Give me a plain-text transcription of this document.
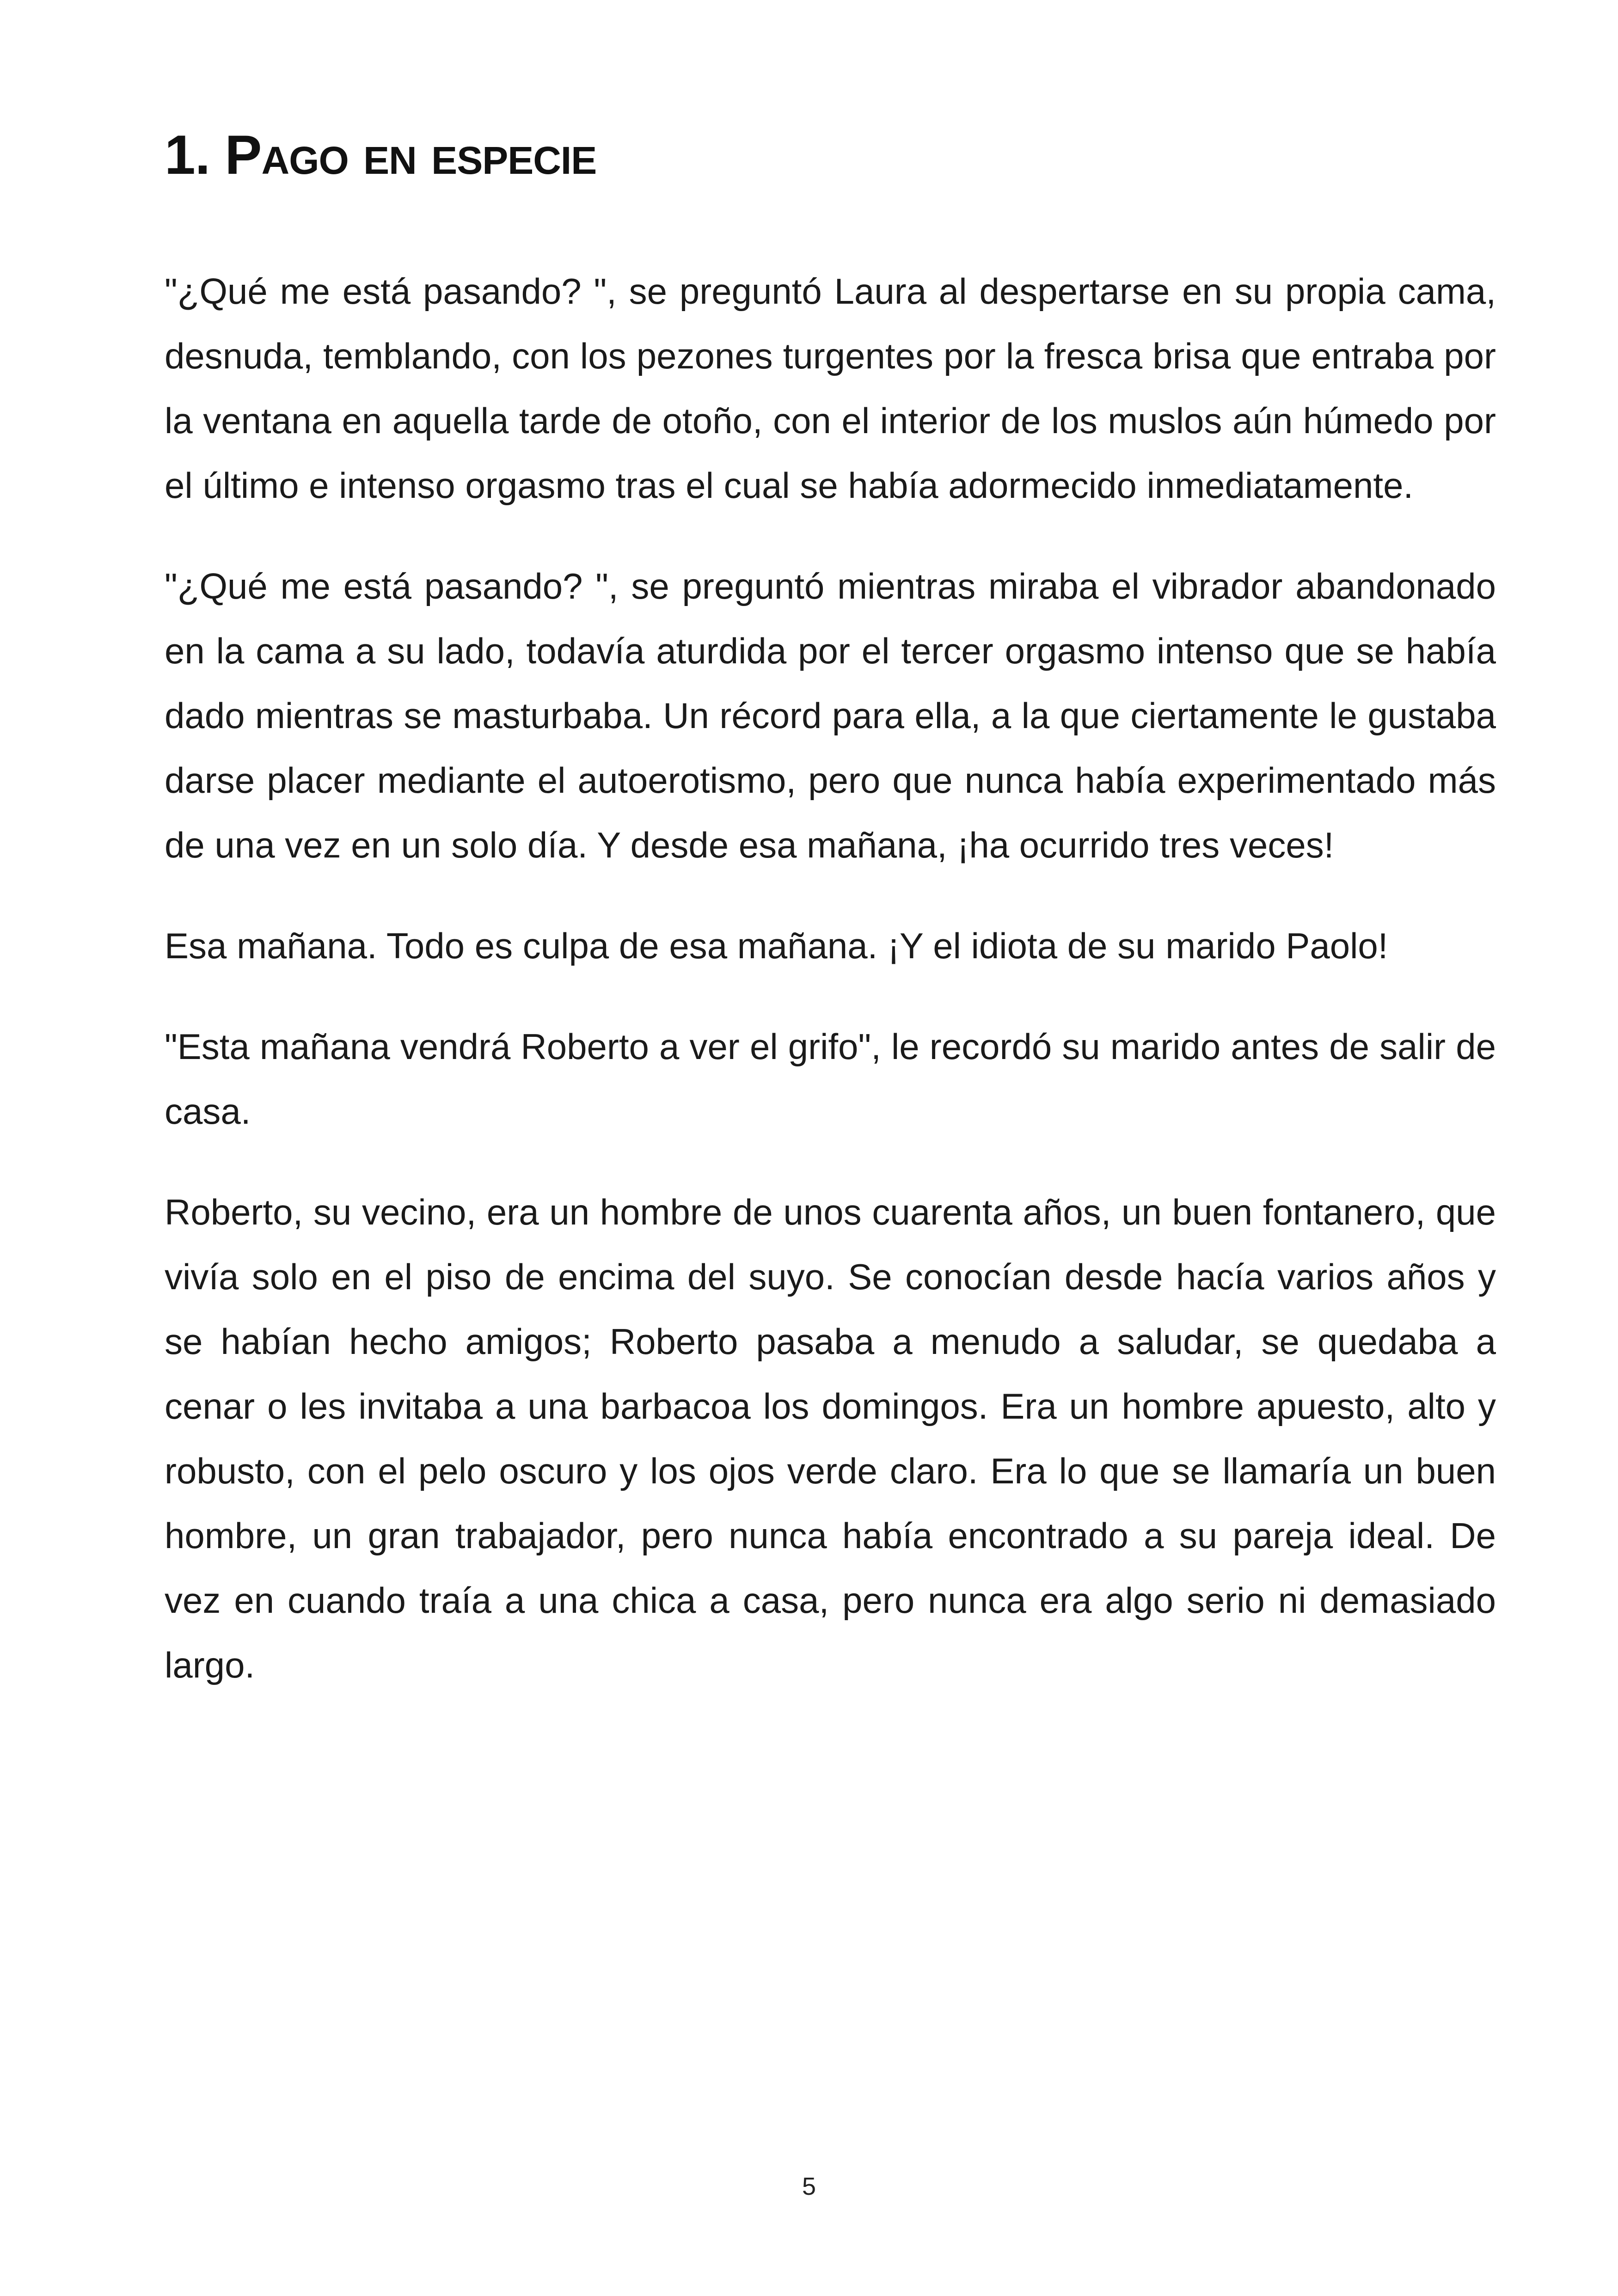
1. Pago en especie

"¿Qué me está pasando? ", se preguntó Laura al despertarse en su propia cama, desnuda, temblando, con los pezones turgentes por la fresca brisa que entraba por la ventana en aquella tarde de otoño, con el interior de los muslos aún húmedo por el último e intenso orgasmo tras el cual se había adormecido inmediatamente.

"¿Qué me está pasando? ", se preguntó mientras miraba el vibrador abandonado en la cama a su lado, todavía aturdida por el tercer orgasmo intenso que se había dado mientras se masturbaba. Un récord para ella, a la que ciertamente le gustaba darse placer mediante el autoerotismo, pero que nunca había experimentado más de una vez en un solo día. Y desde esa mañana, ¡ha ocurrido tres veces!

Esa mañana. Todo es culpa de esa mañana. ¡Y el idiota de su marido Paolo!

"Esta mañana vendrá Roberto a ver el grifo", le recordó su marido antes de salir de casa.

Roberto, su vecino, era un hombre de unos cuarenta años, un buen fontanero, que vivía solo en el piso de encima del suyo. Se conocían desde hacía varios años y se habían hecho amigos; Roberto pasaba a menudo a saludar, se quedaba a cenar o les invitaba a una barbacoa los domingos. Era un hombre apuesto, alto y robusto, con el pelo oscuro y los ojos verde claro. Era lo que se llamaría un buen hombre, un gran trabajador, pero nunca había encontrado a su pareja ideal. De vez en cuando traía a una chica a casa, pero nunca era algo serio ni demasiado largo.

5
